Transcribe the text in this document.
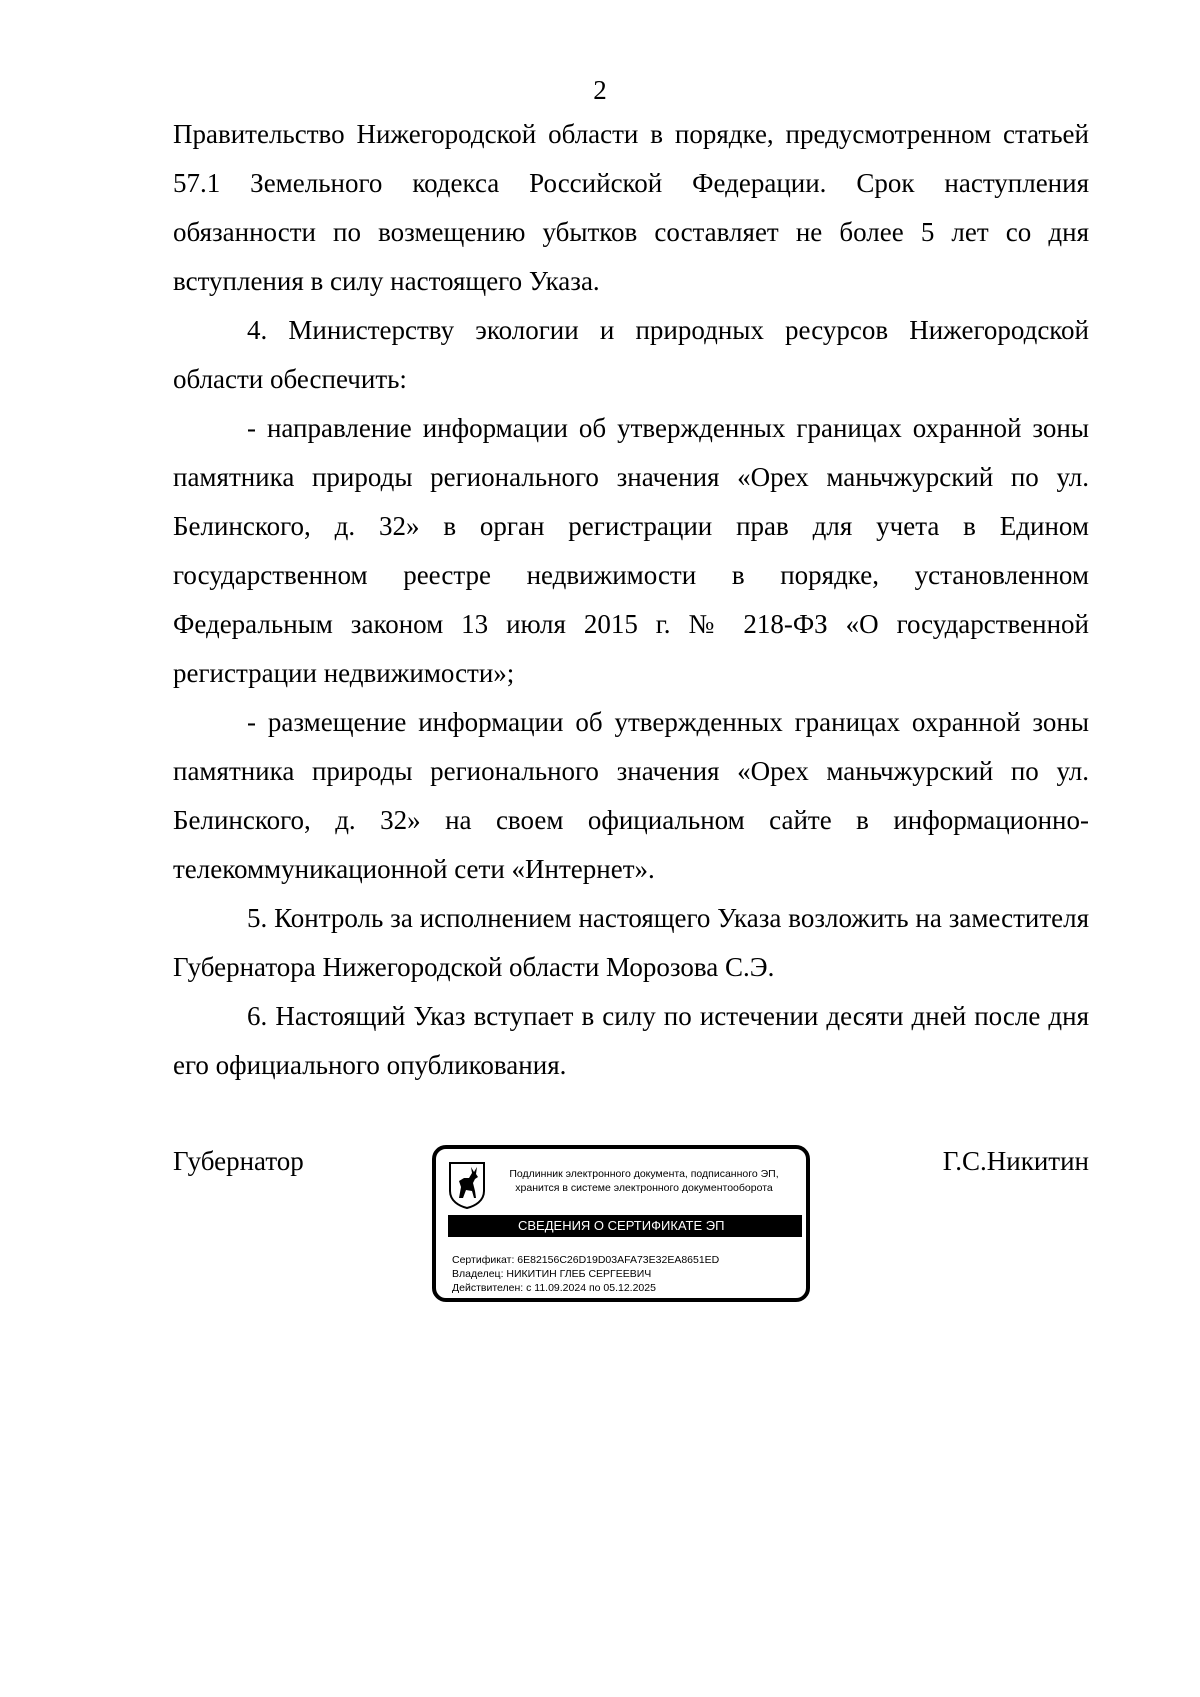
2

Правительство Нижегородской области в порядке, предусмотренном статьей 57.1 Земельного кодекса Российской Федерации. Срок наступления обязанности по возмещению убытков составляет не более 5 лет со дня вступления в силу настоящего Указа.

4. Министерству экологии и природных ресурсов Нижегородской области обеспечить:

- направление информации об утвержденных границах охранной зоны памятника природы регионального значения «Орех маньчжурский по ул. Белинского, д. 32» в орган регистрации прав для учета в Едином государственном реестре недвижимости в порядке, установленном Федеральным законом 13 июля 2015 г. № 218-ФЗ «О государственной регистрации недвижимости»;

- размещение информации об утвержденных границах охранной зоны памятника природы регионального значения «Орех маньчжурский по ул. Белинского, д. 32» на своем официальном сайте в информационно-телекоммуникационной сети «Интернет».

5. Контроль за исполнением настоящего Указа возложить на заместителя Губернатора Нижегородской области Морозова С.Э.

6. Настоящий Указ вступает в силу по истечении десяти дней после дня его официального опубликования.

Губернатор	Г.С.Никитин
Подлинник электронного документа, подписанного ЭП,
хранится в системе электронного документооборота
СВЕДЕНИЯ О СЕРТИФИКАТЕ ЭП
Сертификат: 6E82156C26D19D03AFA73E32EA8651ED
Владелец: НИКИТИН ГЛЕБ СЕРГЕЕВИЧ
Действителен: с 11.09.2024 по 05.12.2025
